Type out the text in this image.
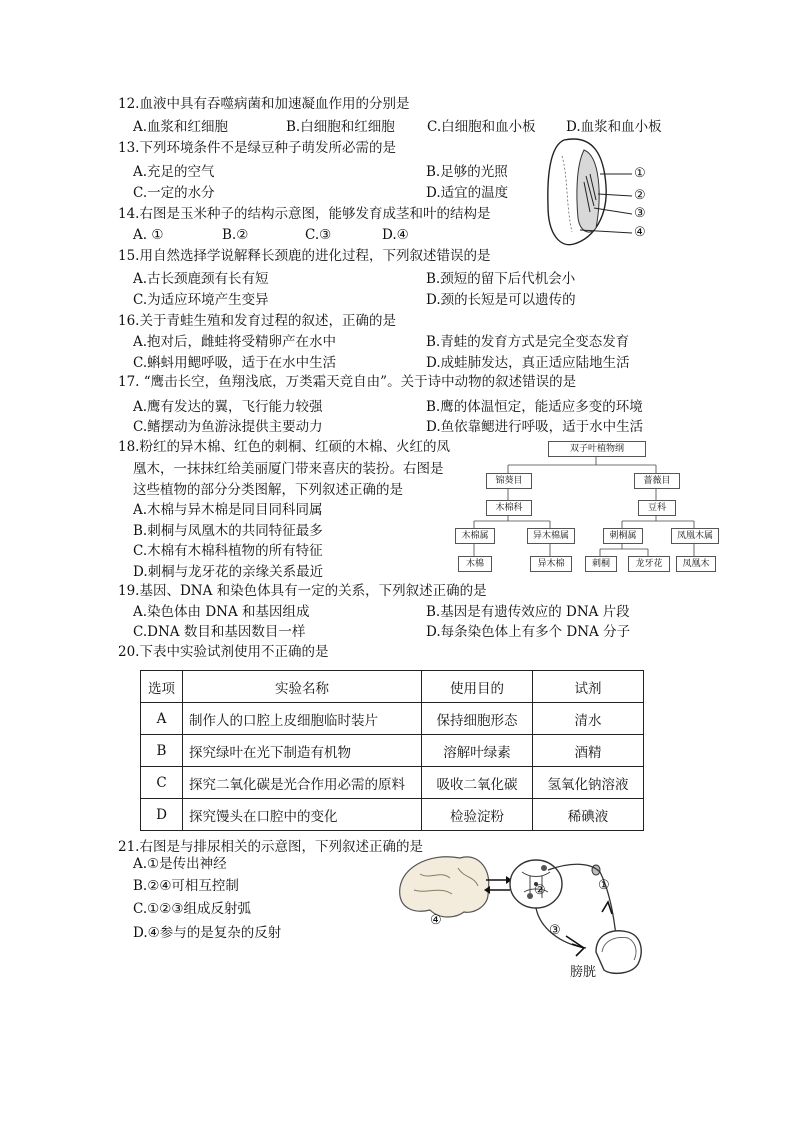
12.血液中具有吞噬病菌和加速凝血作用的分别是
A.血浆和红细胞	B.白细胞和红细胞 C.白细胞和血小板 D.血浆和血小板
13.下列环境条件不是绿豆种子萌发所必需的是
A.充足的空气	B.足够的光照
C.一定的水分	D.适宜的温度
14.右图是玉米种子的结构示意图，能够发育成茎和叶的结构是
A. ①	B.②	C.③	D.④
①
②
③
④
15.用自然选择学说解释长颈鹿的进化过程，下列叙述错误的是
A.古长颈鹿颈有长有短	B.颈短的留下后代机会小
C.为适应环境产生变异	D.颈的长短是可以遗传的
16.关于青蛙生殖和发育过程的叙述，正确的是
A.抱对后，雌蛙将受精卵产在水中	B.青蛙的发育方式是完全变态发育
C.蝌蚪用鳃呼吸，适于在水中生活	D.成蛙肺发达，真正适应陆地生活
17. “鹰击长空，鱼翔浅底，万类霜天竞自由”。关于诗中动物的叙述错误的是
A.鹰有发达的翼，飞行能力较强	B.鹰的体温恒定，能适应多变的环境
C.鳍摆动为鱼游泳提供主要动力	D.鱼依靠鳃进行呼吸，适于水中生活
18.粉红的异木棉、红色的刺桐、红硕的木棉、火红的凤
凰木，一抹抹红给美丽厦门带来喜庆的装扮。右图是
这些植物的部分分类图解，下列叙述正确的是
A.木棉与异木棉是同目同科同属
B.刺桐与凤凰木的共同特征最多
C.木棉有木棉科植物的所有特征
D.刺桐与龙牙花的亲缘关系最近
双子叶植物纲
锦葵目	蔷薇目
木棉科	豆科
木棉属	异木棉属	刺桐属	凤凰木属
木棉	异木棉	刺桐	龙牙花	凤凰木
19.基因、DNA 和染色体具有一定的关系，下列叙述正确的是
A.染色体由 DNA 和基因组成	B.基因是有遗传效应的 DNA 片段
C.DNA 数目和基因数目一样	D.每条染色体上有多个 DNA 分子
20.下表中实验试剂使用不正确的是
选项	实验名称	使用目的	试剂
A	制作人的口腔上皮细胞临时装片	保持细胞形态	清水
B	探究绿叶在光下制造有机物	溶解叶绿素	酒精
C	探究二氧化碳是光合作用必需的原料	吸收二氧化碳	氢氧化钠溶液
D	探究馒头在口腔中的变化	检验淀粉	稀碘液
21.右图是与排尿相关的示意图，下列叙述正确的是
A.①是传出神经
B.②④可相互控制
C.①②③组成反射弧
D.④参与的是复杂的反射
①
②
③
④
膀胱
